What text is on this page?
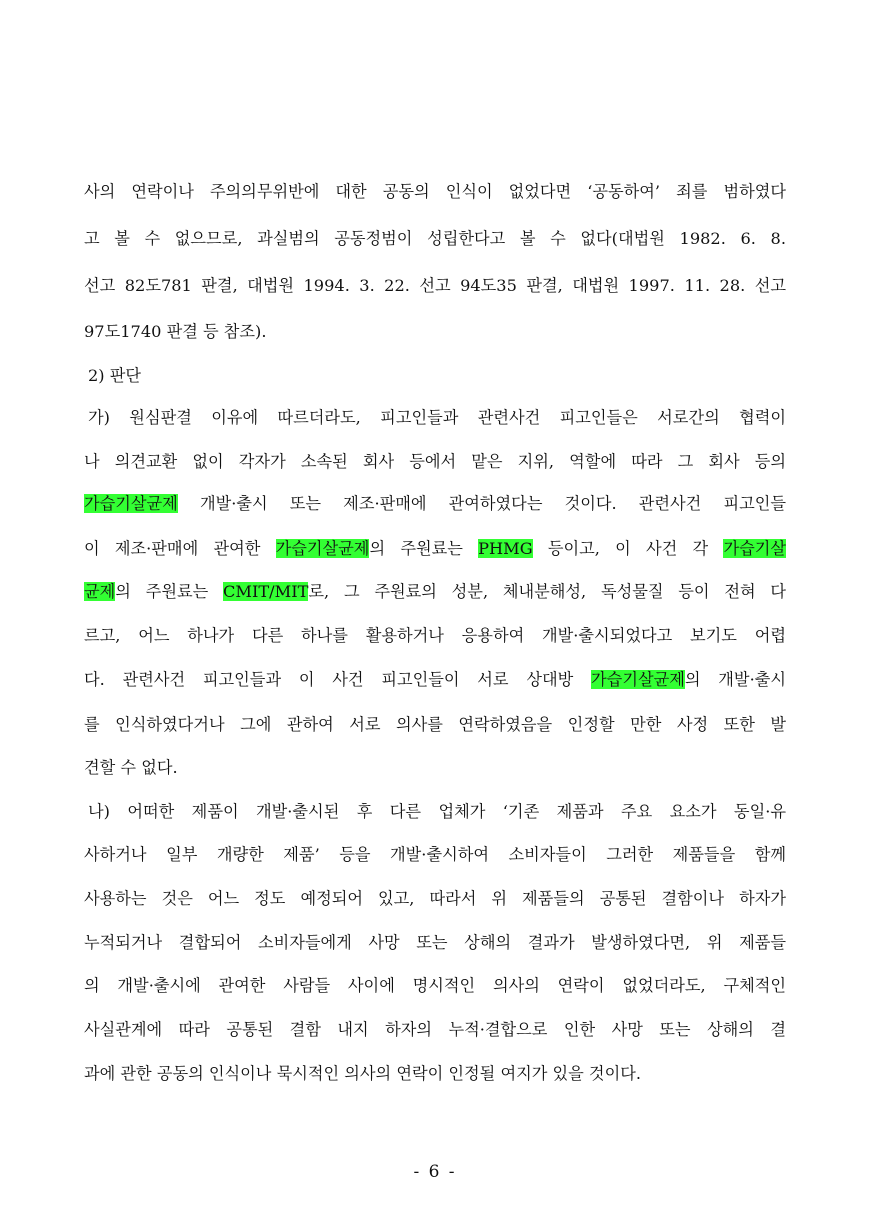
사의 연락이나 주의의무위반에 대한 공동의 인식이 없었다면 ‘공동하여’ 죄를 범하였다
고 볼 수 없으므로, 과실범의 공동정범이 성립한다고 볼 수 없다(대법원 1982. 6. 8.
선고 82도781 판결, 대법원 1994. 3. 22. 선고 94도35 판결, 대법원 1997. 11. 28. 선고
97도1740 판결 등 참조).
2) 판단
가) 원심판결 이유에 따르더라도, 피고인들과 관련사건 피고인들은 서로간의 협력이
나 의견교환 없이 각자가 소속된 회사 등에서 맡은 지위, 역할에 따라 그 회사 등의
가습기살균제 개발·출시 또는 제조·판매에 관여하였다는 것이다. 관련사건 피고인들
이 제조·판매에 관여한 가습기살균제의 주원료는 PHMG 등이고, 이 사건 각 가습기살
균제의 주원료는 CMIT/MIT로, 그 주원료의 성분, 체내분해성, 독성물질 등이 전혀 다
르고, 어느 하나가 다른 하나를 활용하거나 응용하여 개발·출시되었다고 보기도 어렵
다. 관련사건 피고인들과 이 사건 피고인들이 서로 상대방 가습기살균제의 개발·출시
를 인식하였다거나 그에 관하여 서로 의사를 연락하였음을 인정할 만한 사정 또한 발
견할 수 없다.
나) 어떠한 제품이 개발·출시된 후 다른 업체가 ‘기존 제품과 주요 요소가 동일·유
사하거나 일부 개량한 제품’ 등을 개발·출시하여 소비자들이 그러한 제품들을 함께
사용하는 것은 어느 정도 예정되어 있고, 따라서 위 제품들의 공통된 결함이나 하자가
누적되거나 결합되어 소비자들에게 사망 또는 상해의 결과가 발생하였다면, 위 제품들
의 개발·출시에 관여한 사람들 사이에 명시적인 의사의 연락이 없었더라도, 구체적인
사실관계에 따라 공통된 결함 내지 하자의 누적·결합으로 인한 사망 또는 상해의 결
과에 관한 공동의 인식이나 묵시적인 의사의 연락이 인정될 여지가 있을 것이다.
- 6 -
